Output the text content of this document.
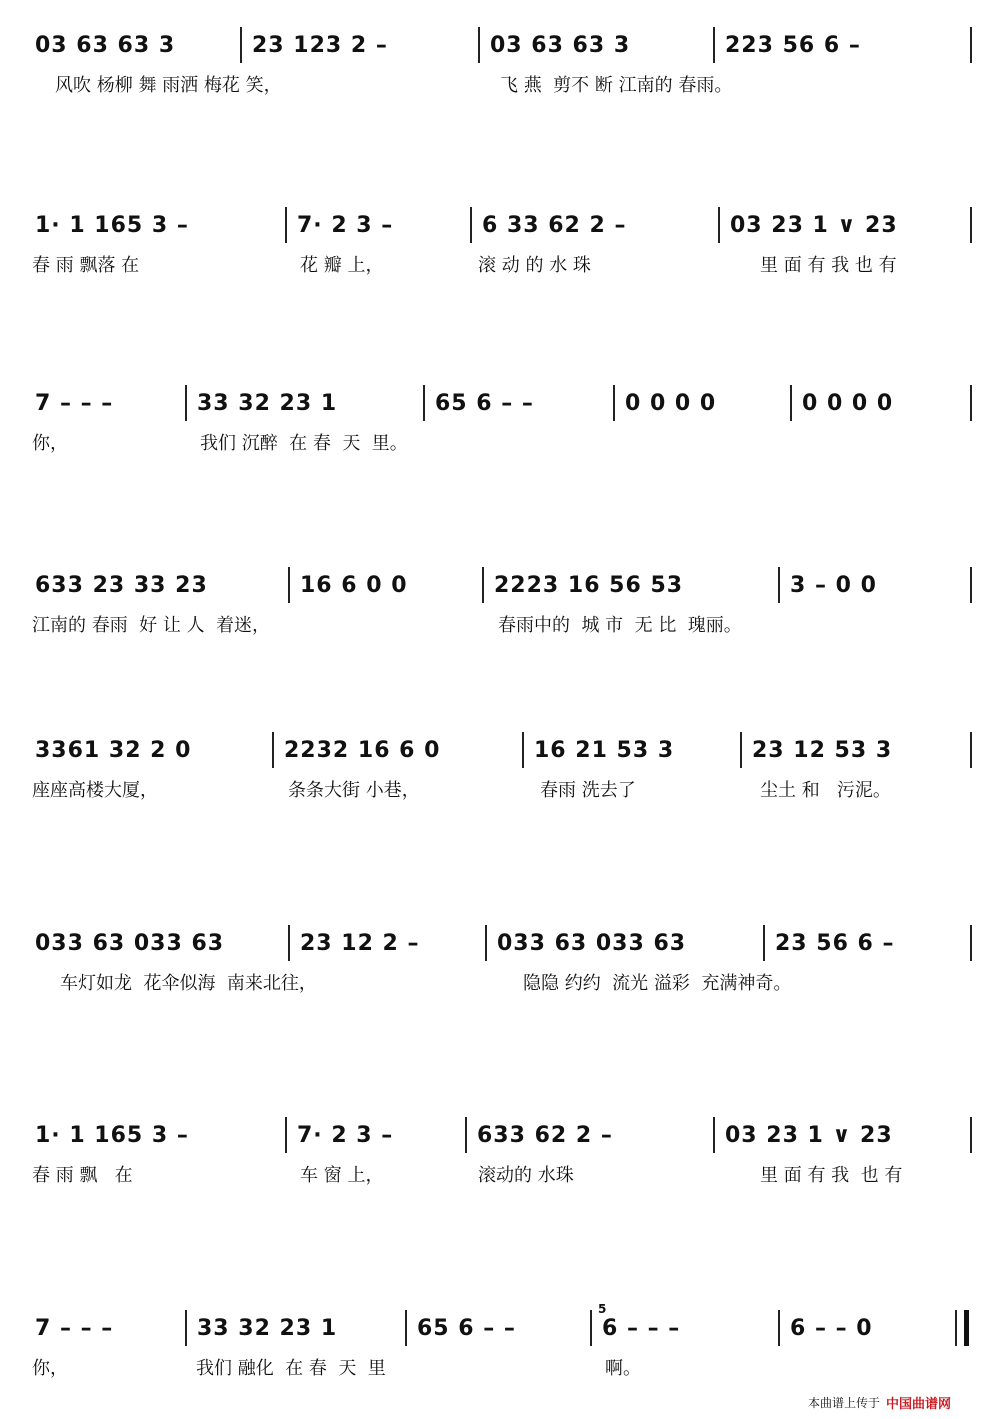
03 63 63 3	23 123 2 –	03 63 63 3	223 56 6 –
风吹 杨柳 舞 雨洒 梅花 笑，	飞 燕  剪不 断 江南的 春雨。
1· 1 165 3 –	7· 2 3 –	6 33 62 2 –	03 23 1 ∨ 23
春 雨 飘落 在	花 瓣 上，	滚 动 的 水 珠	里 面 有 我 也 有
7 – – –	33 32 23 1	65 6 – –	0 0 0 0	0 0 0 0
你，	我们 沉醉  在 春  天  里。
633 23 33 23	16 6 0 0	2223 16 56 53	3 – 0 0
江南的 春雨  好 让 人  着迷，	春雨中的  城 市  无 比  瑰丽。
3361 32 2 0	2232 16 6 0	16 21 53 3	23 12 53 3
座座高楼大厦，	条条大街 小巷，	春雨 洗去了	尘土 和   污泥。
033 63 033 63	23 12 2 –	033 63 033 63	23 56 6 –
车灯如龙  花伞似海  南来北往，	隐隐 约约  流光 溢彩  充满神奇。
1· 1 165 3 –	7· 2 3 –	633 62 2 –	03 23 1 ∨ 23
春 雨 飘   在	车 窗 上，	滚动的 水珠	里 面 有 我  也 有
7 – – –	33 32 23 1	65 6 – –	6 – – –	6 – – 0
5
你，	我们 融化  在 春  天  里	啊。
本曲谱上传于 中国曲谱网
